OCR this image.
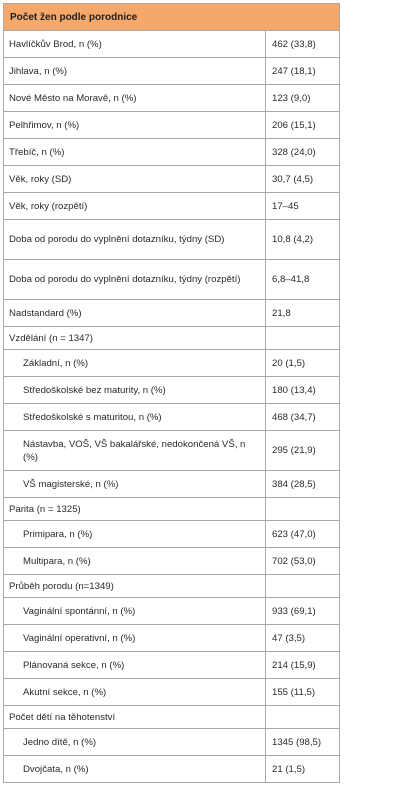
Počet žen podle porodnice	
Havlíčkův Brod, n (%)	462 (33,8)
Jihlava, n (%)	247 (18,1)
Nové Město na Moravě, n (%)	123 (9,0)
Pelhřimov, n (%)	206 (15,1)
Třebíč, n (%)	328 (24,0)
Věk, roky (SD)	30,7 (4,5)
Věk, roky (rozpětí)	17–45
Doba od porodu do vyplnění dotazníku, týdny (SD)	10,8 (4,2)
Doba od porodu do vyplnění dotazníku, týdny (rozpětí)	6,8–41,8
Nadstandard (%)	21,8
Vzdělání (n = 1347)	
Základní, n (%)	20 (1,5)
Středoškolské bez maturity, n (%)	180 (13,4)
Středoškolské s maturitou, n (%)	468 (34,7)
Nástavba, VOŠ, VŠ bakalářské, nedokončená VŠ, n (%)	295 (21,9)
VŠ magisterské, n (%)	384 (28,5)
Parita (n = 1325)	
Primipara, n (%)	623 (47,0)
Multipara, n (%)	702 (53,0)
Průběh porodu (n=1349)	
Vaginální spontánní, n (%)	933 (69,1)
Vaginální operativní, n (%)	47 (3,5)
Plánovaná sekce, n (%)	214 (15,9)
Akutní sekce, n (%)	155 (11,5)
Počet dětí na těhotenství	
Jedno dítě, n (%)	1345 (98,5)
Dvojčata, n (%)	21 (1,5)
